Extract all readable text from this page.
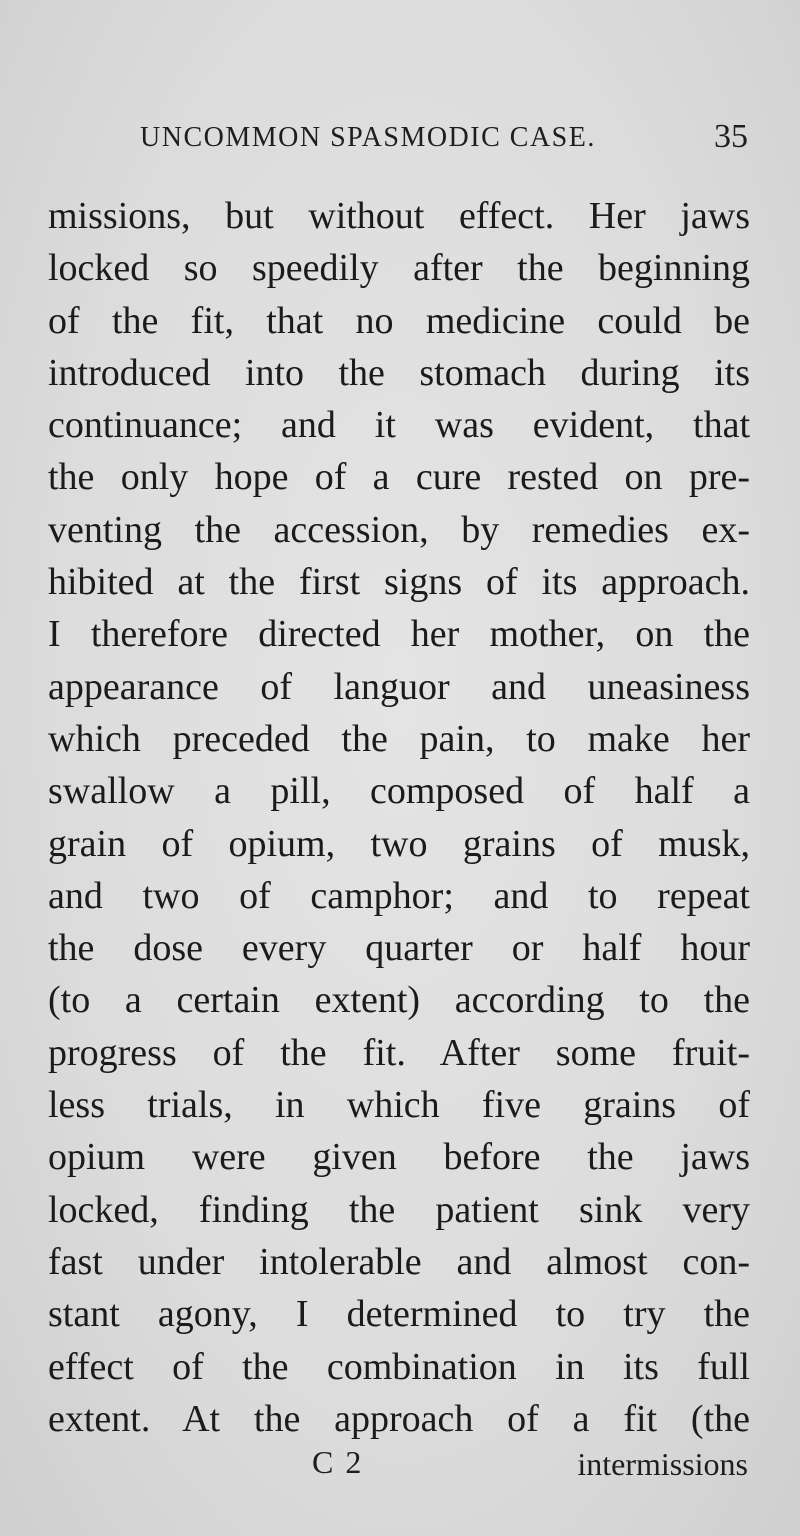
UNCOMMON SPASMODIC CASE.	35
missions, but without effect. Her jaws
locked so speedily after the beginning
of the fit, that no medicine could be
introduced into the stomach during its
continuance; and it was evident, that
the only hope of a cure rested on pre-
venting the accession, by remedies ex-
hibited at the first signs of its approach.
I therefore directed her mother, on the
appearance of languor and uneasiness
which preceded the pain, to make her
swallow a pill, composed of half a
grain of opium, two grains of musk,
and two of camphor; and to repeat
the dose every quarter or half hour
(to a certain extent) according to the
progress of the fit. After some fruit-
less trials, in which five grains of
opium were given before the jaws
locked, finding the patient sink very
fast under intolerable and almost con-
stant agony, I determined to try the
effect of the combination in its full
extent. At the approach of a fit (the
C 2	intermissions
